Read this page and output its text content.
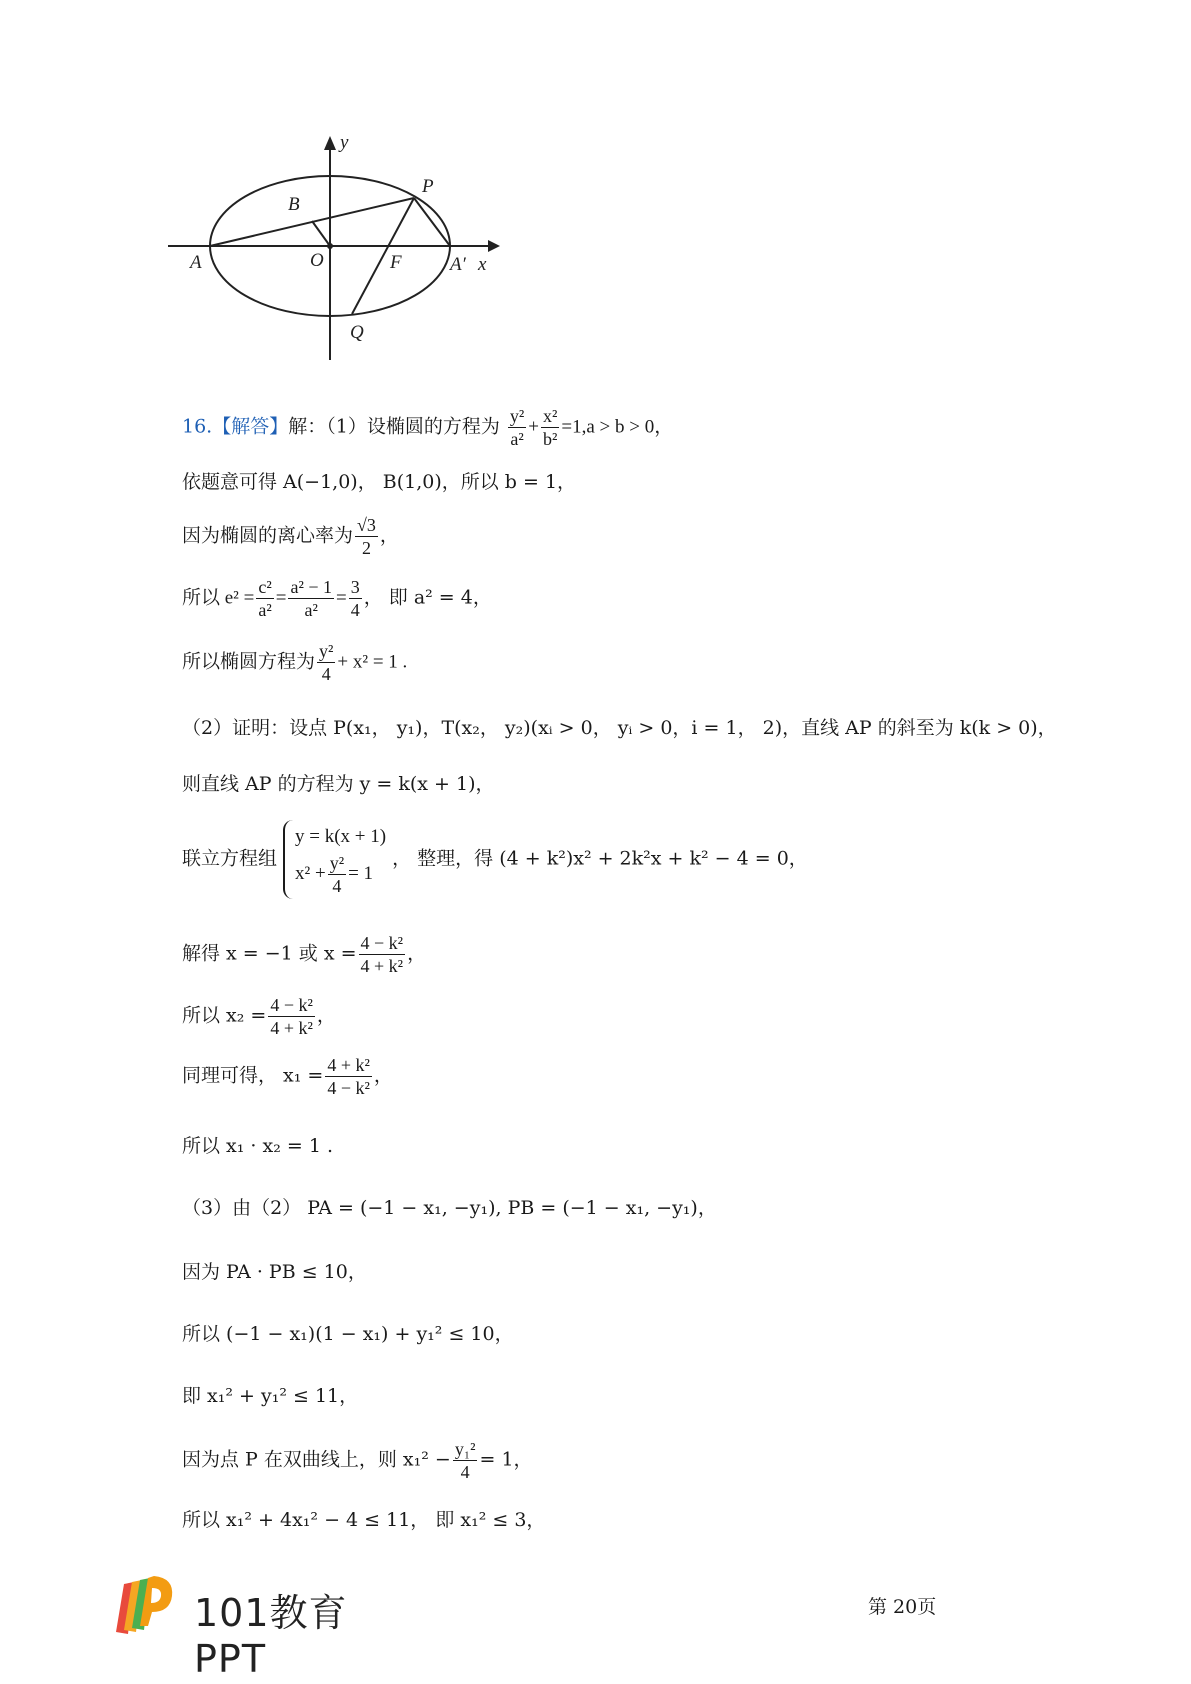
y
P
B
A	O	F	A′ x
Q
16.【解答】解：（1）设椭圆的方程为 $\frac{\text{y²}}{\text{a²}} + \frac{\text{x²}}{\text{b²}} =1,a > b > 0$，
依题意可得 A(−1,0)， B(1,0)，所以 b = 1，
因为椭圆的离心率为 $\frac{√3}{2}$ ，
所以 $e^2 = \frac{\text{c²}}{\text{a²}} = \frac{\text{a² − 1}}{\text{a²}} = \frac{3}{4}$ ， 即 a² = 4，
所以椭圆方程为 $\frac{\text{y²}}{4} + x^2 = 1$ .
（2）证明：设点 P(x₁， y₁)，T(x₂， y₂)(xᵢ > 0， yᵢ > 0，i = 1， 2)，直线 AP 的斜至为 k(k > 0)，
则直线 AP 的方程为 y = k(x + 1)，
联立方程组
y = k(x + 1)
$x^2 + \frac{\text{y²}}{4} = 1$
， 整理，得 (4 + k²)x² + 2k²x + k² − 4 = 0，
解得 x = −1 或 $x = \frac{\text{4 − k²}}{\text{4 + k²}}$ ，
所以 $x_2 = \frac{\text{4 − k²}}{\text{4 + k²}}$ ，
同理可得， $x_1 = \frac{\text{4 + k²}}{\text{4 − k²}}$ ，
所以 x₁ · x₂ = 1 .
（3）由（2） PA = (−1 − x₁, −y₁), PB = (−1 − x₁, −y₁)，
因为 PA · PB ≤ 10，
所以 (−1 − x₁)(1 − x₁) + y₁² ≤ 10，
即 x₁² + y₁² ≤ 11，
因为点 P 在双曲线上，则 $x_1^2 - \frac{\text{y₁²}}{4} = 1$，
所以 x₁² + 4x₁² − 4 ≤ 11， 即 x₁² ≤ 3，
101教育PPT
第 20页
